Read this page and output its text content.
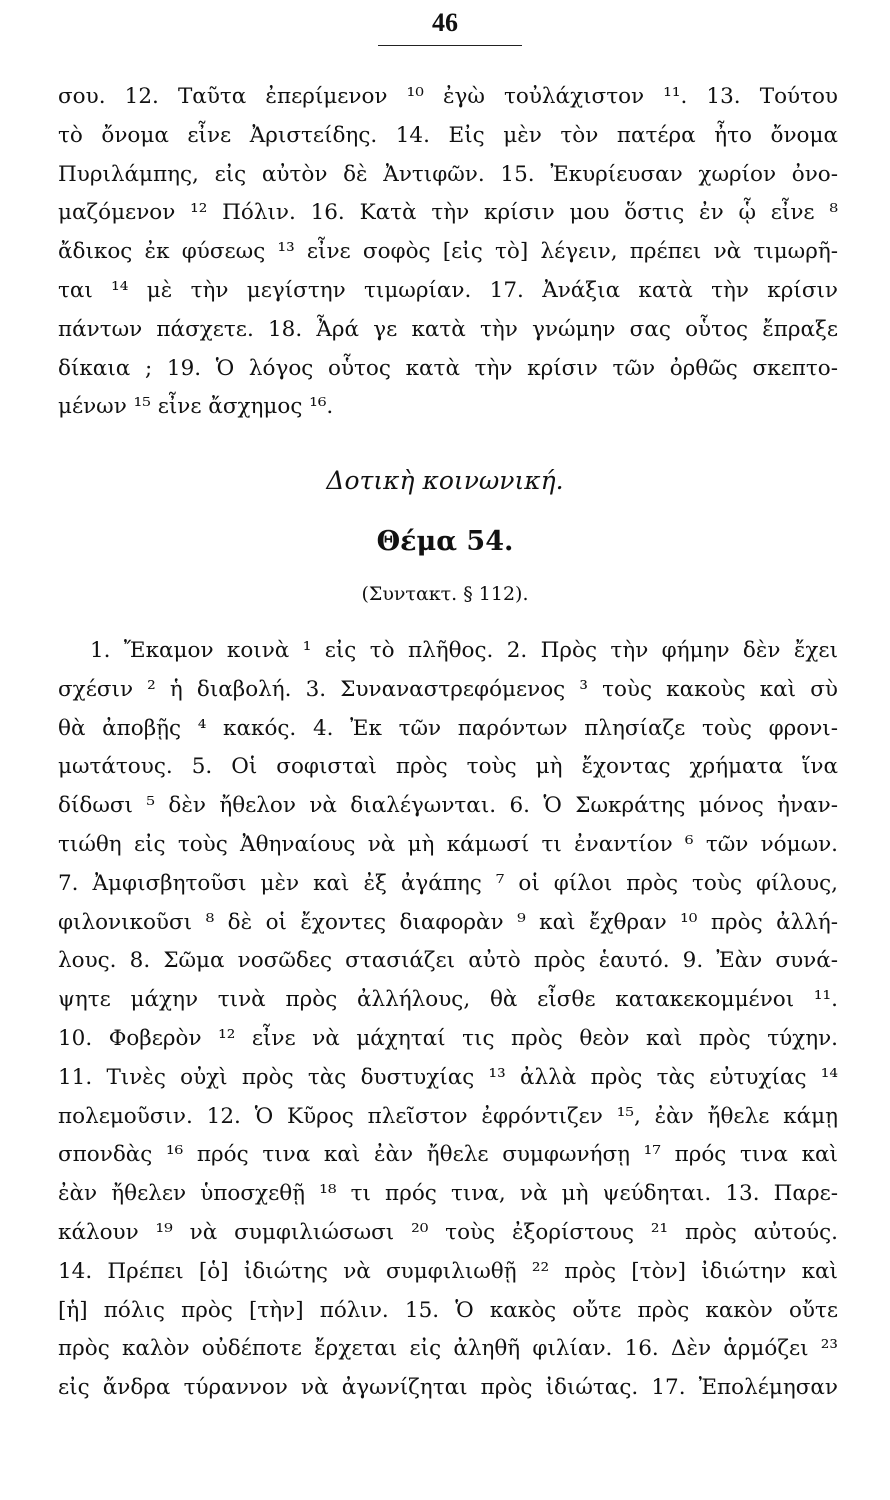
46
σου. 12. Ταῦτα ἐπερίμενον ¹⁰ ἐγὼ τοὐλάχιστον ¹¹. 13. Τούτου
τὸ ὄνομα εἶνε Ἀριστείδης. 14. Εἰς μὲν τὸν πατέρα ἦτο ὄνομα
Πυριλάμπης, εἰς αὐτὸν δὲ Ἀντιφῶν. 15. Ἐκυρίευσαν χωρίον ὀνο-
μαζόμενον ¹² Πόλιν. 16. Κατὰ τὴν κρίσιν μου ὅστις ἐν ᾧ εἶνε ⁸
ἄδικος ἐκ φύσεως ¹³ εἶνε σοφὸς [εἰς τὸ] λέγειν, πρέπει νὰ τιμωρῆ-
ται ¹⁴ μὲ τὴν μεγίστην τιμωρίαν. 17. Ἀνάξια κατὰ τὴν κρίσιν
πάντων πάσχετε. 18. Ἆρά γε κατὰ τὴν γνώμην σας οὗτος ἔπραξε
δίκαια ; 19. Ὁ λόγος οὗτος κατὰ τὴν κρίσιν τῶν ὀρθῶς σκεπτο-
μένων ¹⁵ εἶνε ἄσχημος ¹⁶.
Δοτικὴ κοινωνική.
Θέμα 54.
(Συντακτ. § 112).
1. Ἔκαμον κοινὰ ¹ εἰς τὸ πλῆθος. 2. Πρὸς τὴν φήμην δὲν ἔχει
σχέσιν ² ἡ διαβολή. 3. Συναναστρεφόμενος ³ τοὺς κακοὺς καὶ σὺ
θὰ ἀποβῇς ⁴ κακός. 4. Ἐκ τῶν παρόντων πλησίαζε τοὺς φρονι-
μωτάτους. 5. Οἱ σοφισταὶ πρὸς τοὺς μὴ ἔχοντας χρήματα ἵνα
δίδωσι ⁵ δὲν ἤθελον νὰ διαλέγωνται. 6. Ὁ Σωκράτης μόνος ἠναν-
τιώθη εἰς τοὺς Ἀθηναίους νὰ μὴ κάμωσί τι ἐναντίον ⁶ τῶν νόμων.
7. Ἀμφισβητοῦσι μὲν καὶ ἐξ ἀγάπης ⁷ οἱ φίλοι πρὸς τοὺς φίλους,
φιλονικοῦσι ⁸ δὲ οἱ ἔχοντες διαφορὰν ⁹ καὶ ἔχθραν ¹⁰ πρὸς ἀλλή-
λους. 8. Σῶμα νοσῶδες στασιάζει αὐτὸ πρὸς ἑαυτό. 9. Ἐὰν συνά-
ψητε μάχην τινὰ πρὸς ἀλλήλους, θὰ εἶσθε κατακεκομμένοι ¹¹.
10. Φοβερὸν ¹² εἶνε νὰ μάχηταί τις πρὸς θεὸν καὶ πρὸς τύχην.
11. Τινὲς οὐχὶ πρὸς τὰς δυστυχίας ¹³ ἀλλὰ πρὸς τὰς εὐτυχίας ¹⁴
πολεμοῦσιν. 12. Ὁ Κῦρος πλεῖστον ἐφρόντιζεν ¹⁵, ἐὰν ἤθελε κάμῃ
σπονδὰς ¹⁶ πρός τινα καὶ ἐὰν ἤθελε συμφωνήσῃ ¹⁷ πρός τινα καὶ
ἐὰν ἤθελεν ὑποσχεθῇ ¹⁸ τι πρός τινα, νὰ μὴ ψεύδηται. 13. Παρε-
κάλουν ¹⁹ νὰ συμφιλιώσωσι ²⁰ τοὺς ἐξορίστους ²¹ πρὸς αὐτούς.
14. Πρέπει [ὁ] ἰδιώτης νὰ συμφιλιωθῇ ²² πρὸς [τὸν] ἰδιώτην καὶ
[ἡ] πόλις πρὸς [τὴν] πόλιν. 15. Ὁ κακὸς οὔτε πρὸς κακὸν οὔτε
πρὸς καλὸν οὐδέποτε ἔρχεται εἰς ἀληθῆ φιλίαν. 16. Δὲν ἁρμόζει ²³
εἰς ἄνδρα τύραννον νὰ ἀγωνίζηται πρὸς ἰδιώτας. 17. Ἐπολέμησαν
